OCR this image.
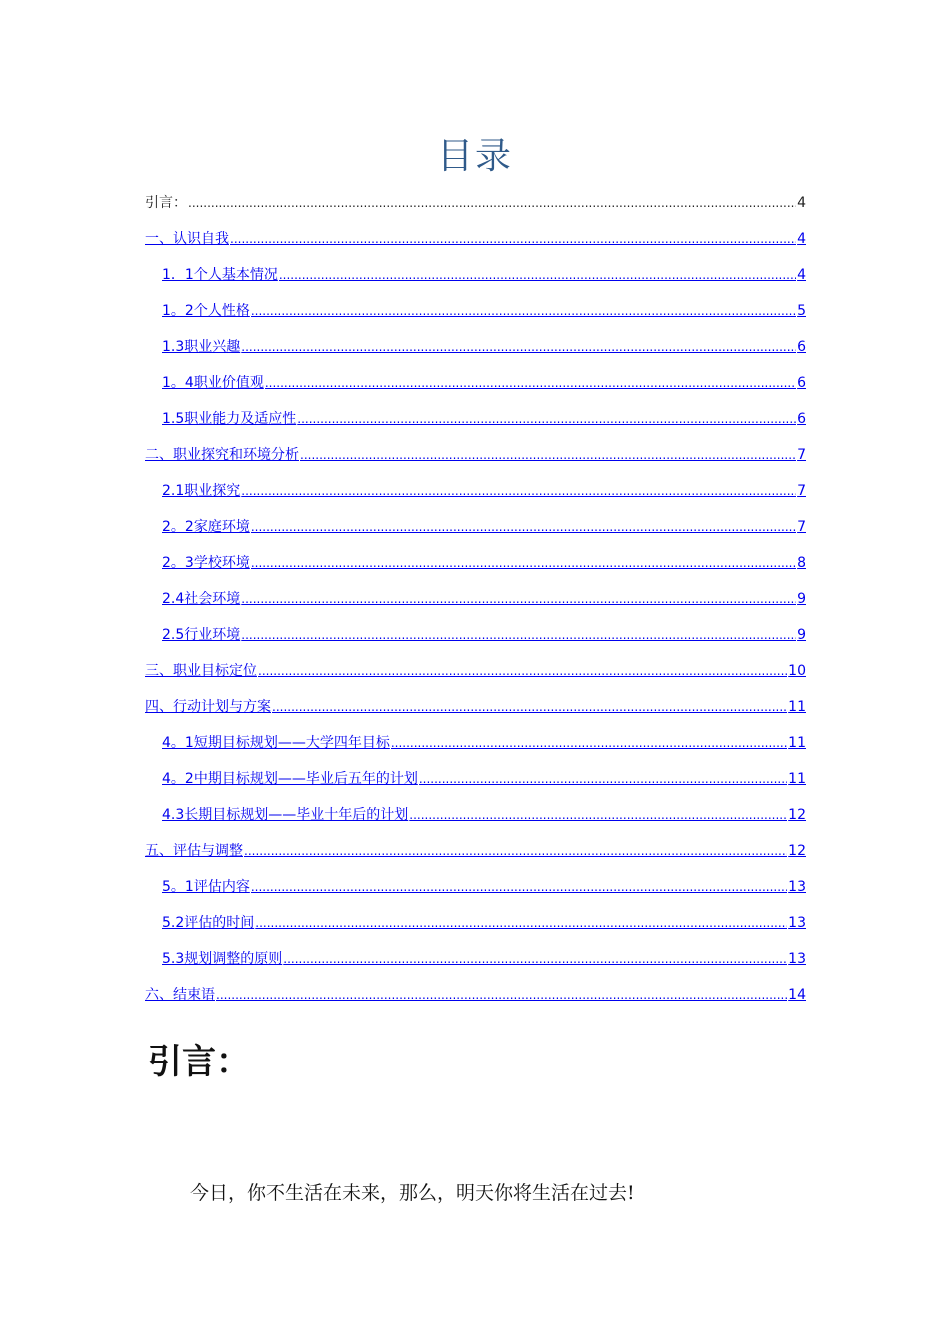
目录
引言： .....	4
一、认识自我 .....	4
1．1个人基本情况 .....	4
1。2个人性格 .....	5
1.3职业兴趣 .....	6
1。4职业价值观 .....	6
1.5职业能力及适应性 .....	6
二、职业探究和环境分析 .....	7
2.1职业探究 .....	7
2。2家庭环境 .....	7
2。3学校环境 .....	8
2.4社会环境 .....	9
2.5行业环境 .....	9
三、职业目标定位 .....	10
四、行动计划与方案 .....	11
4。1短期目标规划——大学四年目标 .....	11
4。2中期目标规划——毕业后五年的计划 .....	11
4.3长期目标规划——毕业十年后的计划 .....	12
五、评估与调整 .....	12
5。1评估内容 .....	13
5.2评估的时间 .....	13
5.3规划调整的原则 .....	13
六、结束语 .....	14
引言：
今日，你不生活在未来，那么，明天你将生活在过去!
